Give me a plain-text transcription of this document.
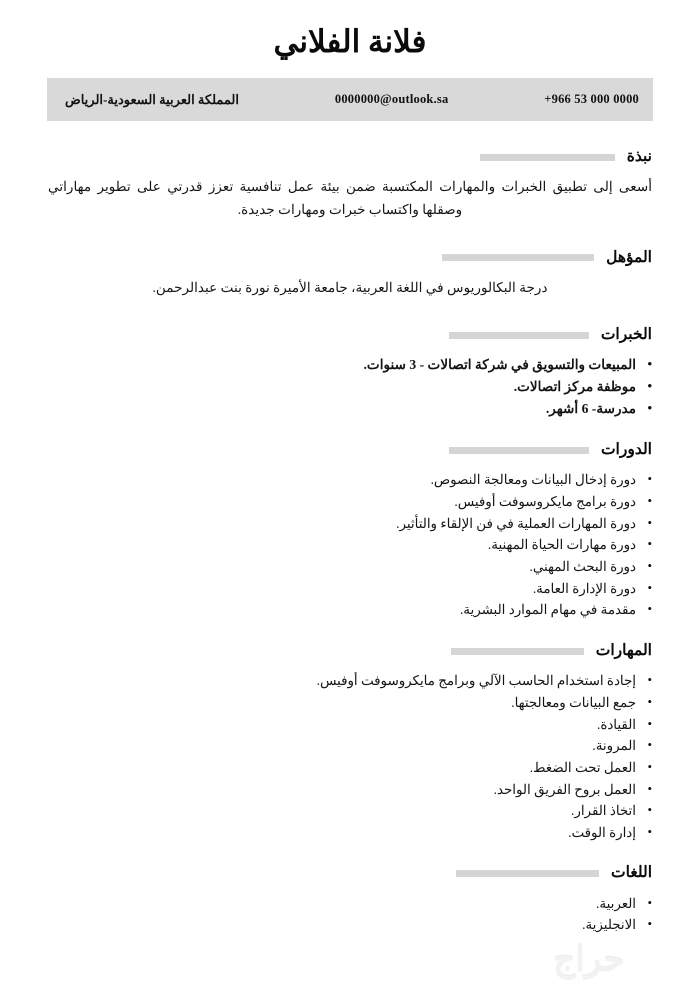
فلانة الفلاني
المملكة العربية السعودية-الرياض	0000000@outlook.sa	+966 53 000 0000
نبذة

أسعى إلى تطبيق الخبرات والمهارات المكتسبة ضمن بيئة عمل تنافسية تعزز قدرتي على تطوير مهاراتي وصقلها واكتساب خبرات ومهارات جديدة.

المؤهل

درجة البكالوريوس في اللغة العربية، جامعة الأميرة نورة بنت عبدالرحمن.

الخبرات
• المبيعات والتسويق في شركة اتصالات - 3 سنوات.
• موظفة مركز اتصالات.
• مدرسة- 6 أشهر.
الدورات
• دورة إدخال البيانات ومعالجة النصوص.
• دورة برامج مايكروسوفت أوفيس.
• دورة المهارات العملية في فن الإلقاء والتأثير.
• دورة مهارات الحياة المهنية.
• دورة البحث المهني.
• دورة الإدارة العامة.
• مقدمة في مهام الموارد البشرية.
المهارات
• إجادة استخدام الحاسب الآلي وبرامج مايكروسوفت أوفيس.
• جمع البيانات ومعالجتها.
• القيادة.
• المرونة.
• العمل تحت الضغط.
• العمل بروح الفريق الواحد.
• اتخاذ القرار.
• إدارة الوقت.
اللغات
• العربية.
• الانجليزية.
حراج
